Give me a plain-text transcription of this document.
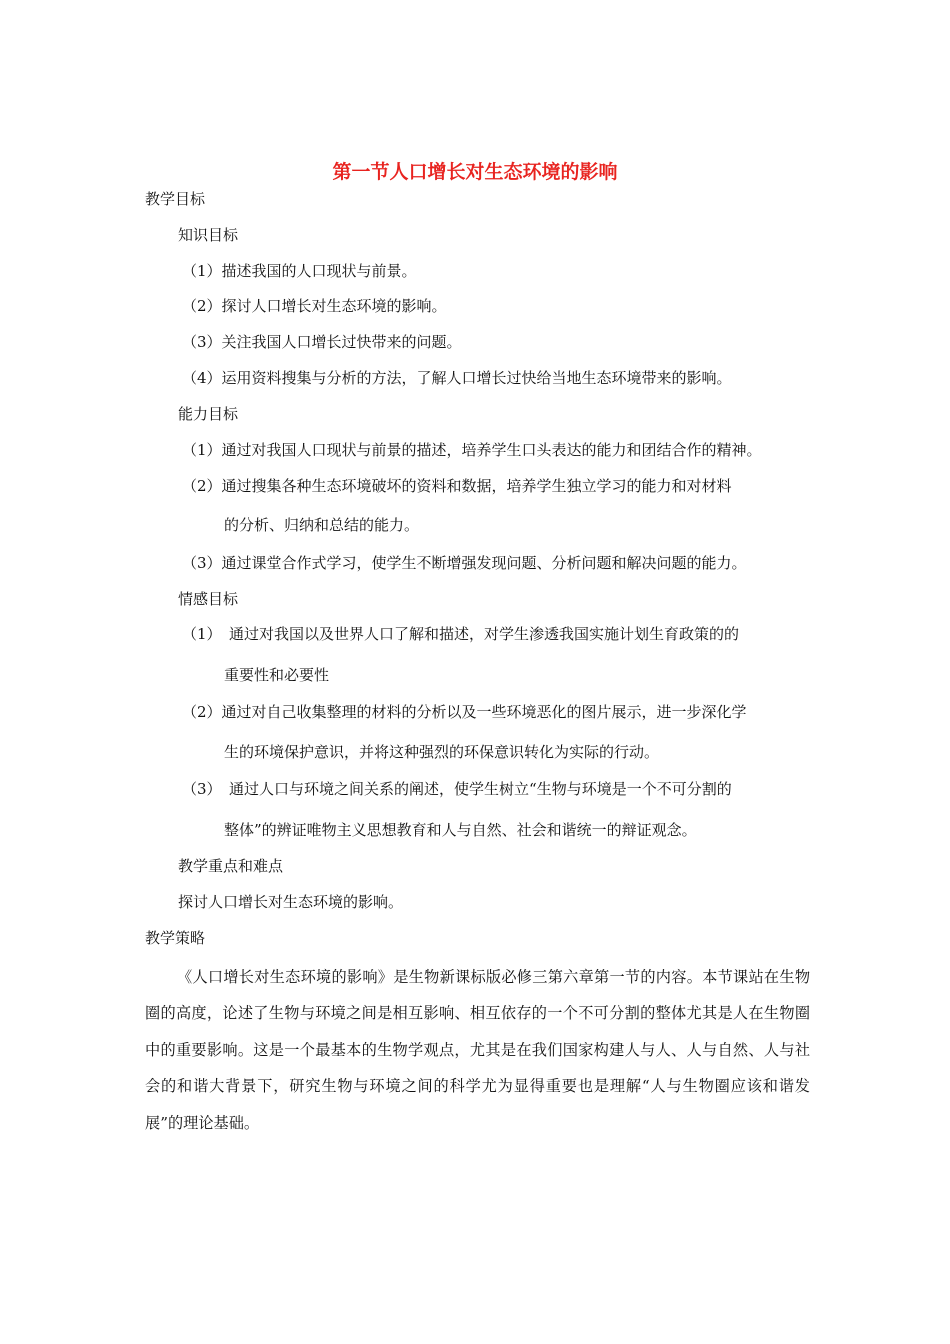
第一节人口增长对生态环境的影响
教学目标
知识目标
（1）描述我国的人口现状与前景。
（2）探讨人口增长对生态环境的影响。
（3）关注我国人口增长过快带来的问题。
（4）运用资料搜集与分析的方法，了解人口增长过快给当地生态环境带来的影响。
能力目标
（1）通过对我国人口现状与前景的描述，培养学生口头表达的能力和团结合作的精神。
（2）通过搜集各种生态环境破坏的资料和数据，培养学生独立学习的能力和对材料
的分析、归纳和总结的能力。
（3）通过课堂合作式学习，使学生不断增强发现问题、分析问题和解决问题的能力。
情感目标
（1）　通过对我国以及世界人口了解和描述，对学生渗透我国实施计划生育政策的的
重要性和必要性
（2）通过对自己收集整理的材料的分析以及一些环境恶化的图片展示，进一步深化学
生的环境保护意识，并将这种强烈的环保意识转化为实际的行动。
（3）　通过人口与环境之间关系的阐述，使学生树立“生物与环境是一个不可分割的
整体”的辨证唯物主义思想教育和人与自然、社会和谐统一的辩证观念。
教学重点和难点
探讨人口增长对生态环境的影响。
教学策略

《人口增长对生态环境的影响》是生物新课标版必修三第六章第一节的内容。本节课站在生物圈的高度，论述了生物与环境之间是相互影响、相互依存的一个不可分割的整体尤其是人在生物圈中的重要影响。这是一个最基本的生物学观点，尤其是在我们国家构建人与人、人与自然、人与社会的和谐大背景下，研究生物与环境之间的科学尤为显得重要也是理解“人与生物圈应该和谐发展”的理论基础。
